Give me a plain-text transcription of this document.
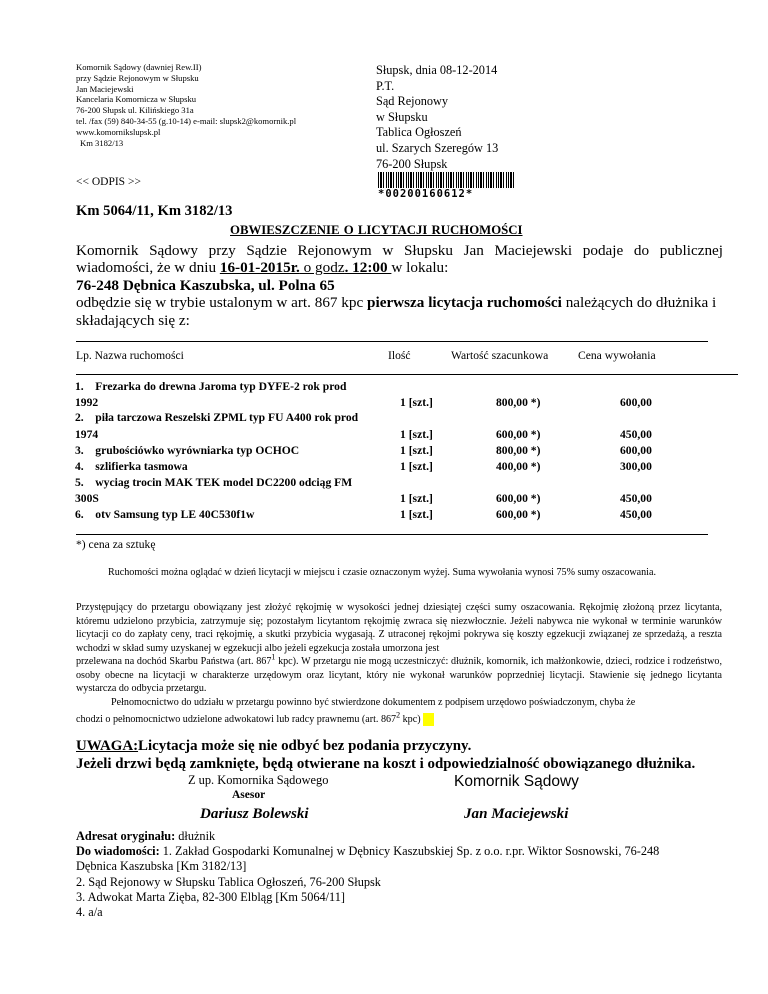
Komornik Sądowy (dawniej Rew.II)
przy Sądzie Rejonowym w Słupsku
Jan Maciejewski
Kancelaria Komornicza w Słupsku
76-200 Słupsk ul. Kilińskiego 31a
tel. /fax (59) 840-34-55 (g.10-14) e-mail: slupsk2@komornik.pl
www.komornikslupsk.pl
Km 3182/13
Słupsk, dnia 08-12-2014
P.T.
Sąd Rejonowy
w Słupsku
Tablica Ogłoszeń
ul. Szarych Szeregów 13
76-200 Słupsk
<< ODPIS >>
*00200160612*
Km 5064/11, Km 3182/13
OBWIESZCZENIE O LICYTACJI RUCHOMOŚCI
Komornik Sądowy przy Sądzie Rejonowym w Słupsku Jan Maciejewski podaje do publicznej
wiadomości, że w dniu 16-01-2015r. o godz. 12:00 w lokalu:
76-248 Dębnica Kaszubska, ul. Polna 65
odbędzie się w trybie ustalonym w art. 867 kpc pierwsza licytacja ruchomości należących do dłużnika i
składających się z:
Lp. Nazwa ruchomości	Ilość	Wartość szacunkowa	Cena wywołania
1. Frezarka do drewna Jaroma typ DYFE-2 rok prod
1992	1 [szt.]	800,00 *)	600,00
2. piła tarczowa Reszelski ZPML typ FU A400 rok prod
1974	1 [szt.]	600,00 *)	450,00
3. grubościówko wyrówniarka typ OCHOC	1 [szt.]	800,00 *)	600,00
4. szlifierka tasmowa	1 [szt.]	400,00 *)	300,00
5. wyciag trocin MAK TEK model DC2200 odciąg FM
300S	1 [szt.]	600,00 *)	450,00
6. otv Samsung typ LE 40C530f1w	1 [szt.]	600,00 *)	450,00
*) cena za sztukę
Ruchomości można oglądać w dzień licytacji w miejscu i czasie oznaczonym wyżej. Suma wywołania wynosi 75% sumy oszacowania.
Przystępujący do przetargu obowiązany jest złożyć rękojmię w wysokości jednej dziesiątej części sumy oszacowania. Rękojmię złożoną przez licytanta, któremu udzielono przybicia, zatrzymuje się; pozostałym licytantom rękojmię zwraca się niezwłocznie. Jeżeli nabywca nie wykonał w terminie warunków licytacji co do zapłaty ceny, traci rękojmię, a skutki przybicia wygasają. Z utraconej rękojmi pokrywa się koszty egzekucji związanej ze sprzedażą, a reszta wchodzi w skład sumy uzyskanej w egzekucji albo jeżeli egzekucja została umorzona jest
przelewana na dochód Skarbu Państwa (art. $867^1$ kpc). W przetargu nie mogą uczestniczyć: dłużnik, komornik, ich małżonkowie, dzieci, rodzice i rodzeństwo, osoby obecne na licytacji w charakterze urzędowym oraz licytant, który nie wykonał warunków poprzedniej licytacji. Stawienie się jednego licytanta wystarcza do odbycia przetargu.
Pełnomocnictwo do udziału w przetargu powinno być stwierdzone dokumentem z podpisem urzędowo poświadczonym, chyba że
chodzi o pełnomocnictwo udzielone adwokatowi lub radcy prawnemu (art. $867^2$ kpc)
UWAGA:Licytacja może się nie odbyć bez podania przyczyny.
Jeżeli drzwi będą zamknięte, będą otwierane na koszt i odpowiedzialność obowiązanego dłużnika.
Z up. Komornika Sądowego
Asesor
Dariusz Bolewski
Komornik Sądowy
Jan Maciejewski
Adresat oryginału: dłużnik
Do wiadomości: 1. Zakład Gospodarki Komunalnej w Dębnicy Kaszubskiej Sp. z o.o. r.pr. Wiktor Sosnowski, 76-248
Dębnica Kaszubska [Km 3182/13]
2. Sąd Rejonowy w Słupsku Tablica Ogłoszeń, 76-200 Słupsk
3. Adwokat Marta Zięba, 82-300 Elbląg [Km 5064/11]
4. a/a
